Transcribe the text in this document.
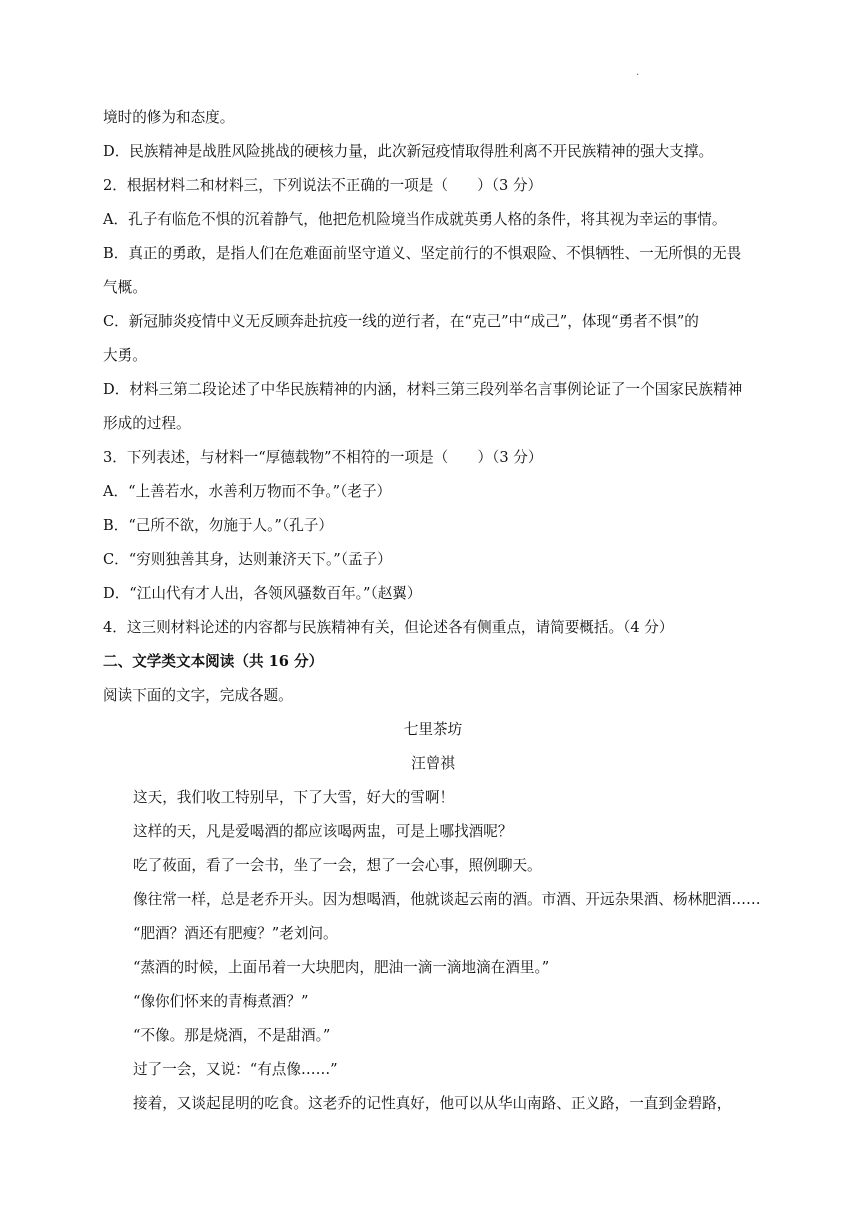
·
境时的修为和态度。
D．民族精神是战胜风险挑战的硬核力量，此次新冠疫情取得胜利离不开民族精神的强大支撑。
2．根据材料二和材料三，下列说法不正确的一项是（　　）（3 分）
A．孔子有临危不惧的沉着静气，他把危机险境当作成就英勇人格的条件，将其视为幸运的事情。
B．真正的勇敢，是指人们在危难面前坚守道义、坚定前行的不惧艰险、不惧牺牲、一无所惧的无畏
气概。
C．新冠肺炎疫情中义无反顾奔赴抗疫一线的逆行者，在“克己”中“成己”，体现“勇者不惧”的
大勇。
D．材料三第二段论述了中华民族精神的内涵，材料三第三段列举名言事例论证了一个国家民族精神
形成的过程。
3．下列表述，与材料一“厚德载物”不相符的一项是（　　）（3 分）
A．“上善若水，水善利万物而不争。”（老子）
B．“己所不欲，勿施于人。”（孔子）
C．“穷则独善其身，达则兼济天下。”（孟子）
D．“江山代有才人出，各领风骚数百年。”（赵翼）
4．这三则材料论述的内容都与民族精神有关，但论述各有侧重点，请简要概括。（4 分）
二、文学类文本阅读（共 16 分）
阅读下面的文字，完成各题。
七里茶坊
汪曾祺
这天，我们收工特别早，下了大雪，好大的雪啊！
这样的天，凡是爱喝酒的都应该喝两盅，可是上哪找酒呢？
吃了莜面，看了一会书，坐了一会，想了一会心事，照例聊天。
像往常一样，总是老乔开头。因为想喝酒，他就谈起云南的酒。市酒、开远杂果酒、杨林肥酒……
“肥酒？酒还有肥瘦？”老刘问。
“蒸酒的时候，上面吊着一大块肥肉，肥油一滴一滴地滴在酒里。”
“像你们怀来的青梅煮酒？”
“不像。那是烧酒，不是甜酒。”
过了一会，又说：“有点像……”
接着，又谈起昆明的吃食。这老乔的记性真好，他可以从华山南路、正义路，一直到金碧路，
